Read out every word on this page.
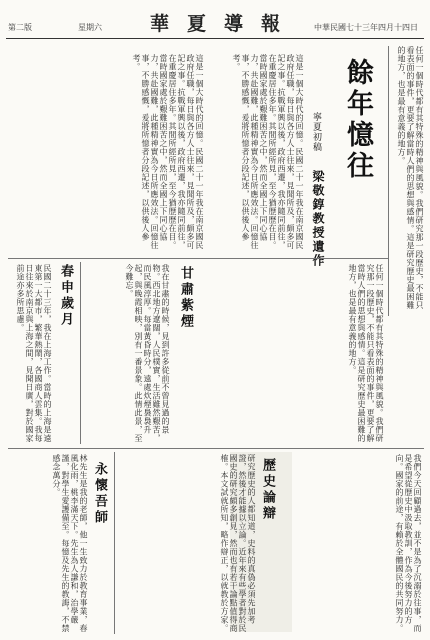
第二版	星期六	華夏導報 中華民國七十三年四月十四日
任何一個時代都有其特殊的精神與風貌。我們研究那一段歷史，不能只看表面的事件，更要了解當時人們的思想與感情。這是研究歷史最困難的地方，也是最有意義的地方。
餘年憶往
梁敬錞教授遺作
寧夏初稿
這是一個大時代的回憶。民國二十一年我在南京國民政府任職，每日與各方人士往來，見聞所及，頗多可記之事。抗戰軍興以後，政府西遷，我亦隨同前往，在重慶居住多年。其間所經所見，至今猶歷歷在目。當時國家處於艱難困苦之中，然而全國上下同心協力，共赴國難，此種精神實為今日所應效法。回憶往事，不勝感慨，爰將所憶者分段記述，以供後人參考。
這是一個大時代的回憶。民國二十一年我在南京國民政府任職，每日與各方人士往來，見聞所及，頗多可記之事。抗戰軍興以後，政府西遷，我亦隨同前往，在重慶居住多年。其間所經所見，至今猶歷歷在目。當時國家處於艱難困苦之中，然而全國上下同心協力，共赴國難，此種精神實為今日所應效法。回憶往事，不勝感慨，爰將所憶者分段記述，以供後人參考。
甘肅紫煙
我在甘肅的時候，見到許多從前不曾見過的景物。西北地方遼闊，人民樸實，生活雖然艱苦，而民風淳厚。每當黃昏時分，遠處炊煙裊裊升起，與晚霞相映，別有一番景象。此情此景，至今難忘。	任何一個時代都有其特殊的精神與風貌。我們研究那一段歷史，不能只看表面的事件，更要了解當時人們的思想與感情。這是研究歷史最困難的地方，也是最有意義的地方。
春申歲月
民國二十三年，我在上海工作。當時的上海是遠東第一大都市，繁華熱鬧，各國商人雲集。我每日往來於南京與上海之間，見聞日廣，對於國家前途亦多所思慮。
歷史論辯
研究歷史的人都知道，史料的真偽必須先加考證，然後才能據以立論。近年來有些學者對於民國史的研究頗多創見，然而也有若干論點值得商榷。本文試就所知，略作辯正，以就教於方家。	我們今天回顧過去，並不是為了沉溺於往事，而是希望從歷史中汲取教訓，作為今後努力的方向。國家的前途，有賴於全體國民的共同努力。
永懷吾師
林先生是我的老師，他一生致力於教育事業，春風化雨，桃李滿天下。先生為人謙和，治學嚴謹，對學生愛護備至。每憶及先生的教誨，不禁感念萬分。
